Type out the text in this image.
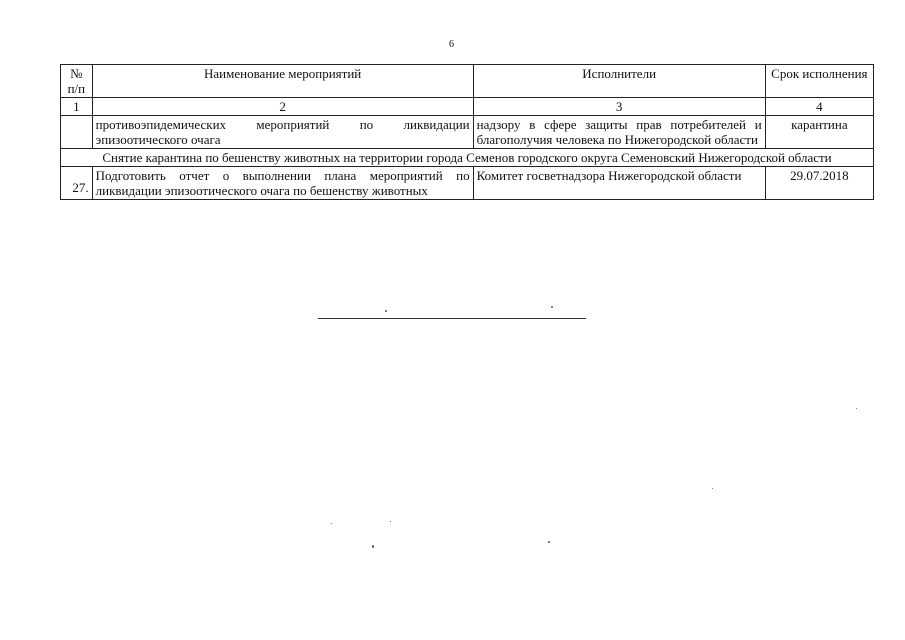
6
№ п/п	Наименование мероприятий	Исполнители	Срок исполнения
1	2	3	4
	противоэпидемических мероприятий по ликвидации эпизоотического очага	надзору в сфере защиты прав потребителей и благополучия человека по Нижегородской области	карантина
Снятие карантина по бешенству животных на территории города Семенов городского округа Семеновский Нижегородской области			
27.	Подготовить отчет о выполнении плана мероприятий по ликвидации эпизоотического очага по бешенству животных	Комитет госветнадзора Нижегородской области	29.07.2018
